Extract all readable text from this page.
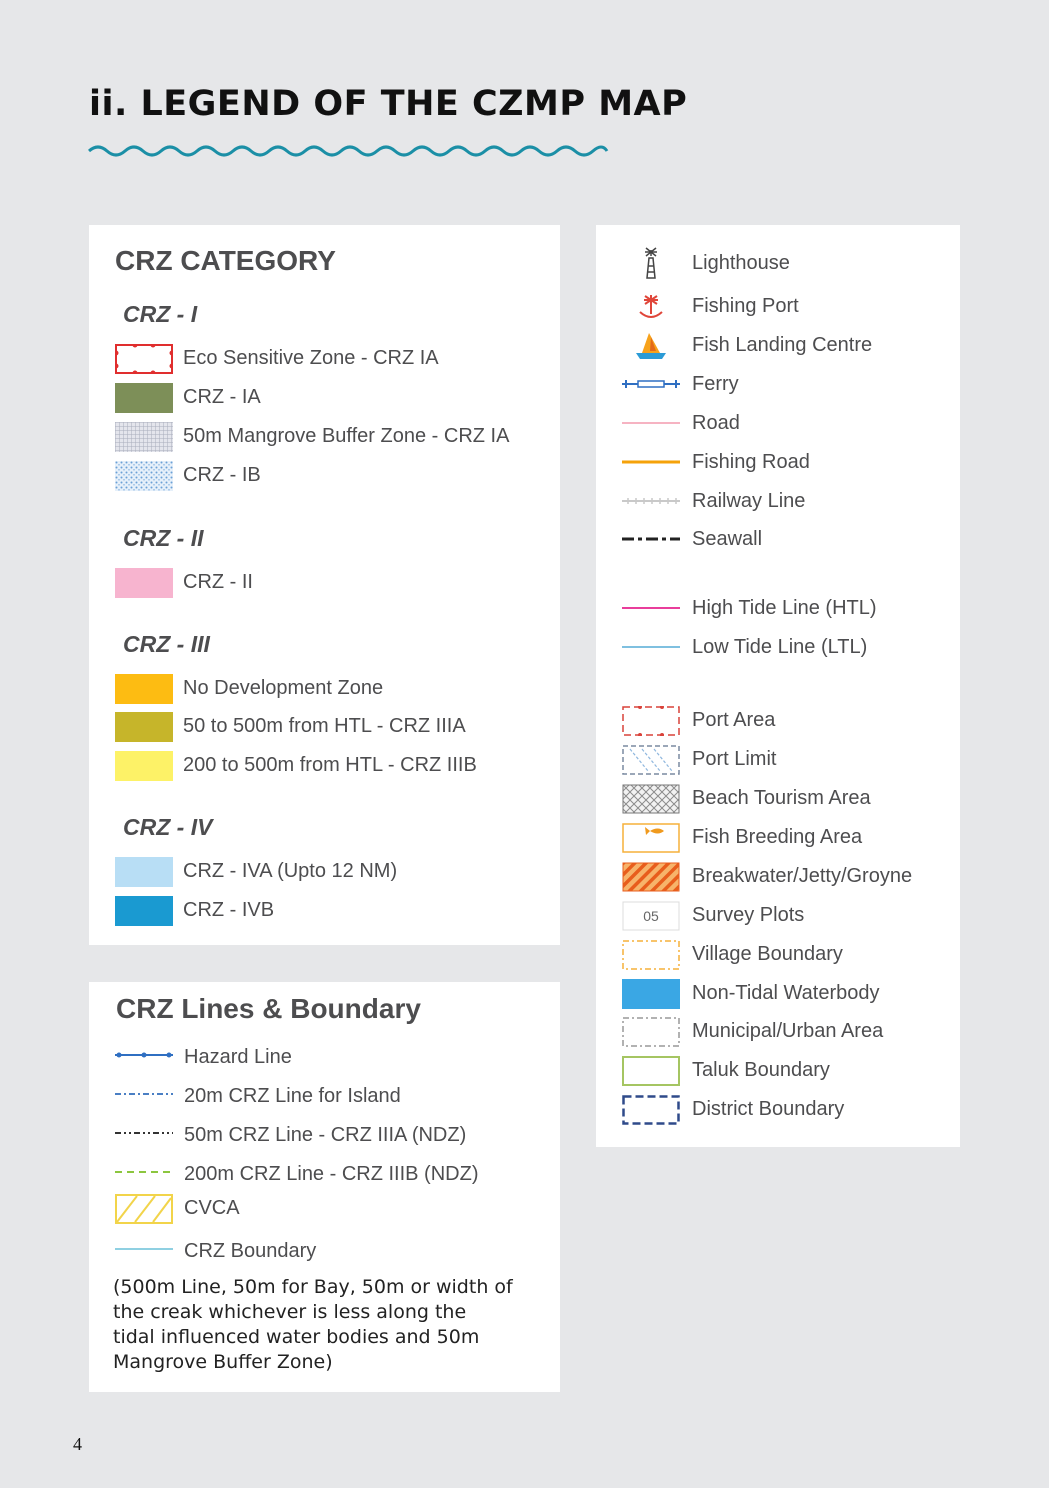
ii. LEGEND OF THE CZMP MAP
CRZ CATEGORY
CRZ - I
Eco Sensitive Zone - CRZ IA
CRZ - IA
50m Mangrove Buffer Zone - CRZ IA
CRZ - IB
CRZ - II
CRZ - II
CRZ - III
No Development Zone
50 to 500m from HTL - CRZ IIIA
200 to 500m from HTL - CRZ IIIB
CRZ - IV
CRZ - IVA (Upto 12 NM)
CRZ - IVB
CRZ Lines & Boundary
Hazard Line
20m CRZ Line for Island
50m CRZ Line - CRZ IIIA (NDZ)
200m CRZ Line - CRZ IIIB (NDZ)
CVCA
CRZ Boundary
(500m Line, 50m for Bay, 50m or width of the creak whichever is less along the tidal influenced water bodies and 50m Mangrove Buffer Zone)
Lighthouse
Fishing Port
Fish Landing Centre
Ferry
Road
Fishing Road
Railway Line
Seawall
High Tide Line (HTL)
Low Tide Line (LTL)
Port Area
Port Limit
Beach Tourism Area
Fish Breeding Area
Breakwater/Jetty/Groyne
05 Survey Plots
Village Boundary
Non-Tidal Waterbody
Municipal/Urban Area
Taluk Boundary
District Boundary
4
